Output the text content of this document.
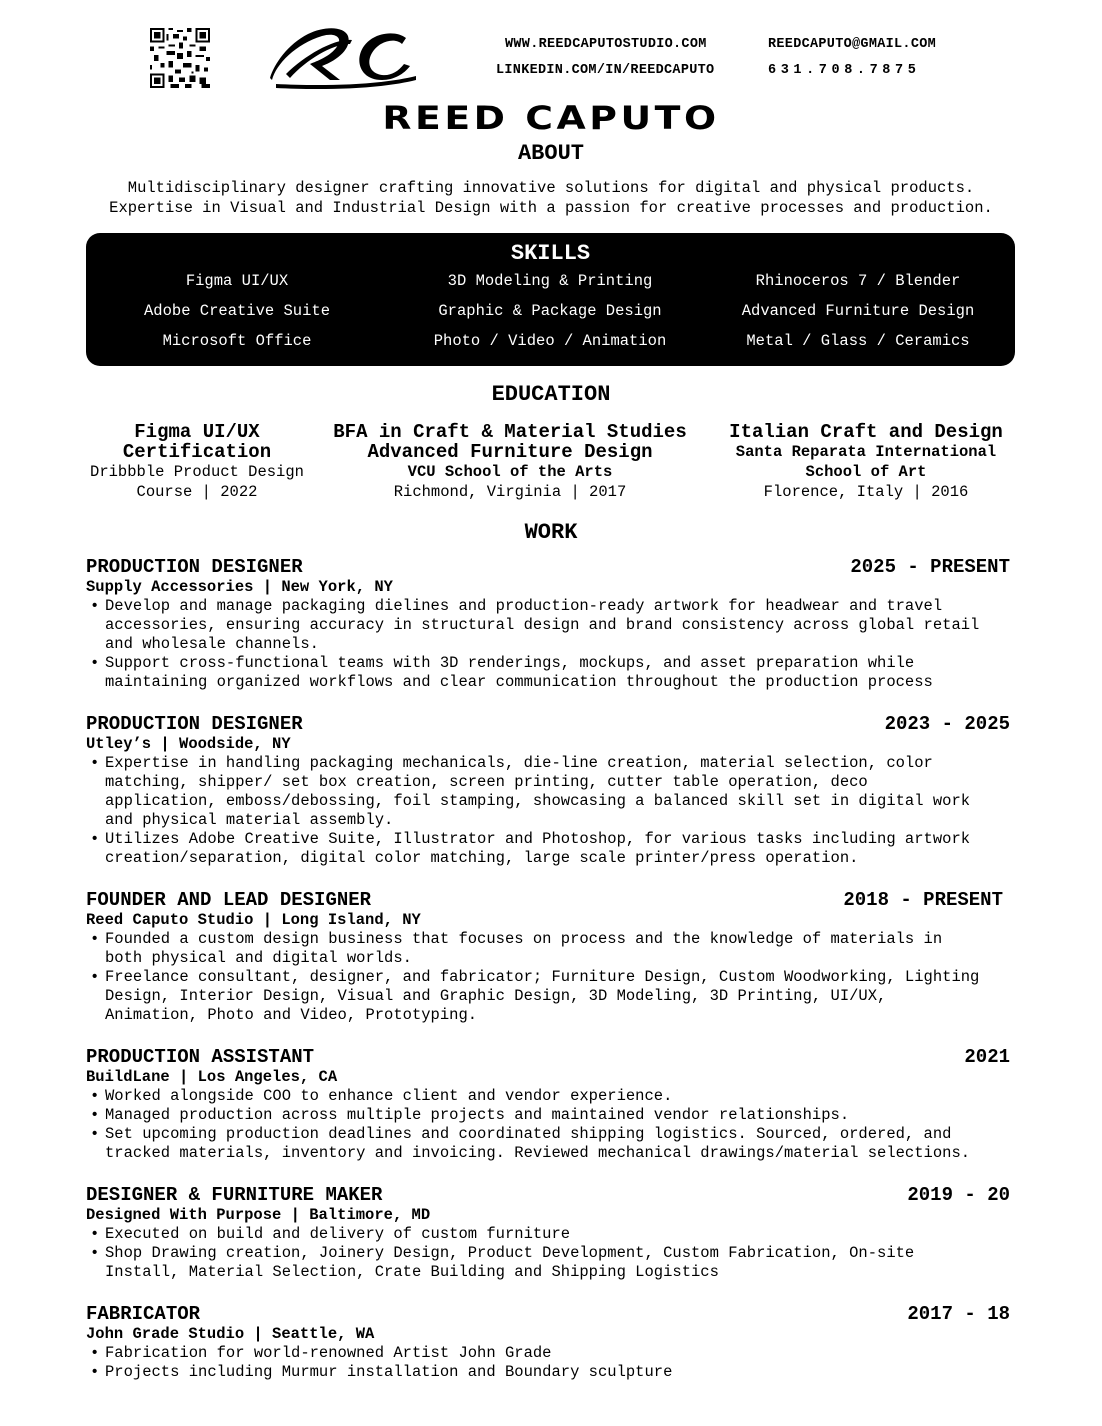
WWW.REEDCAPUTOSTUDIO.COM	REEDCAPUTO@GMAIL.COM
LINKEDIN.COM/IN/REEDCAPUTO	631.708.7875
REED CAPUTO
ABOUT
Multidisciplinary designer crafting innovative solutions for digital and physical products.
Expertise in Visual and Industrial Design with a passion for creative processes and production.
SKILLS
Figma UI/UX	3D Modeling & Printing	Rhinoceros 7 / Blender
Adobe Creative Suite	Graphic & Package Design	Advanced Furniture Design
Microsoft Office	Photo / Video / Animation	Metal / Glass / Ceramics
EDUCATION
Figma UI/UX
Certification
Dribbble Product Design
Course | 2022
BFA in Craft & Material Studies
Advanced Furniture Design
VCU School of the Arts
Richmond, Virginia | 2017
Italian Craft and Design
Santa Reparata International
School of Art
Florence, Italy | 2016
WORK
PRODUCTION DESIGNER	2025 - PRESENT
Supply Accessories | New York, NY
• Develop and manage packaging dielines and production-ready artwork for headwear and travel
accessories, ensuring accuracy in structural design and brand consistency across global retail
and wholesale channels.
• Support cross-functional teams with 3D renderings, mockups, and asset preparation while
maintaining organized workflows and clear communication throughout the production process
PRODUCTION DESIGNER	2023 - 2025
Utley’s | Woodside, NY
• Expertise in handling packaging mechanicals, die-line creation, material selection, color
matching, shipper/ set box creation, screen printing, cutter table operation, deco
application, emboss/debossing, foil stamping, showcasing a balanced skill set in digital work
and physical material assembly.
• Utilizes Adobe Creative Suite, Illustrator and Photoshop, for various tasks including artwork
creation/separation, digital color matching, large scale printer/press operation.
FOUNDER AND LEAD DESIGNER	2018 - PRESENT
Reed Caputo Studio | Long Island, NY
• Founded a custom design business that focuses on process and the knowledge of materials in
both physical and digital worlds.
• Freelance consultant, designer, and fabricator; Furniture Design, Custom Woodworking, Lighting
Design, Interior Design, Visual and Graphic Design, 3D Modeling, 3D Printing, UI/UX,
Animation, Photo and Video, Prototyping.
PRODUCTION ASSISTANT	2021
BuildLane | Los Angeles, CA
• Worked alongside COO to enhance client and vendor experience.
• Managed production across multiple projects and maintained vendor relationships.
• Set upcoming production deadlines and coordinated shipping logistics. Sourced, ordered, and
tracked materials, inventory and invoicing. Reviewed mechanical drawings/material selections.
DESIGNER & FURNITURE MAKER	2019 - 20
Designed With Purpose | Baltimore, MD
• Executed on build and delivery of custom furniture
• Shop Drawing creation, Joinery Design, Product Development, Custom Fabrication, On-site
Install, Material Selection, Crate Building and Shipping Logistics
FABRICATOR	2017 - 18
John Grade Studio | Seattle, WA
• Fabrication for world-renowned Artist John Grade
• Projects including Murmur installation and Boundary sculpture
